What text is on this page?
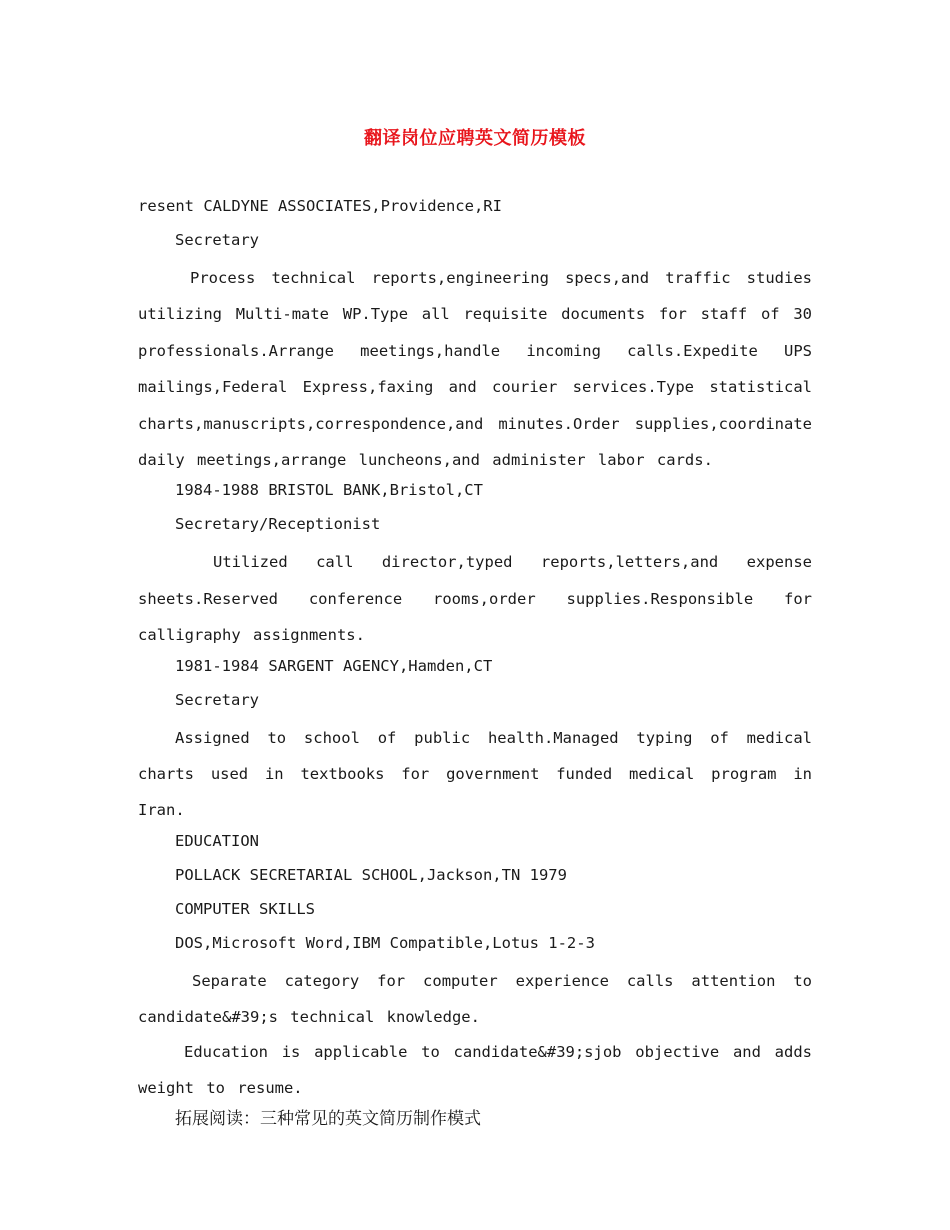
翻译岗位应聘英文简历模板
resent CALDYNE ASSOCIATES,Providence,RI
Secretary
Process technical reports,engineering specs,and traffic studies utilizing Multi-mate WP.Type all requisite documents for staff of 30 professionals.Arrange meetings,handle incoming calls.Expedite UPS mailings,Federal Express,faxing and courier services.Type statistical charts,manuscripts,correspondence,and minutes.Order supplies,coordinate daily meetings,arrange luncheons,and administer labor cards.
1984-1988 BRISTOL BANK,Bristol,CT
Secretary/Receptionist
Utilized call director,typed reports,letters,and expense sheets.Reserved conference rooms,order supplies.Responsible for calligraphy assignments.
1981-1984 SARGENT AGENCY,Hamden,CT
Secretary
Assigned to school of public health.Managed typing of medical charts used in textbooks for government funded medical program in Iran.
EDUCATION
POLLACK SECRETARIAL SCHOOL,Jackson,TN 1979
COMPUTER SKILLS
DOS,Microsoft Word,IBM Compatible,Lotus 1-2-3
Separate category for computer experience calls attention to candidate&#39;s technical knowledge.
Education is applicable to candidate&#39;sjob objective and adds weight to resume.
拓展阅读：三种常见的英文简历制作模式
